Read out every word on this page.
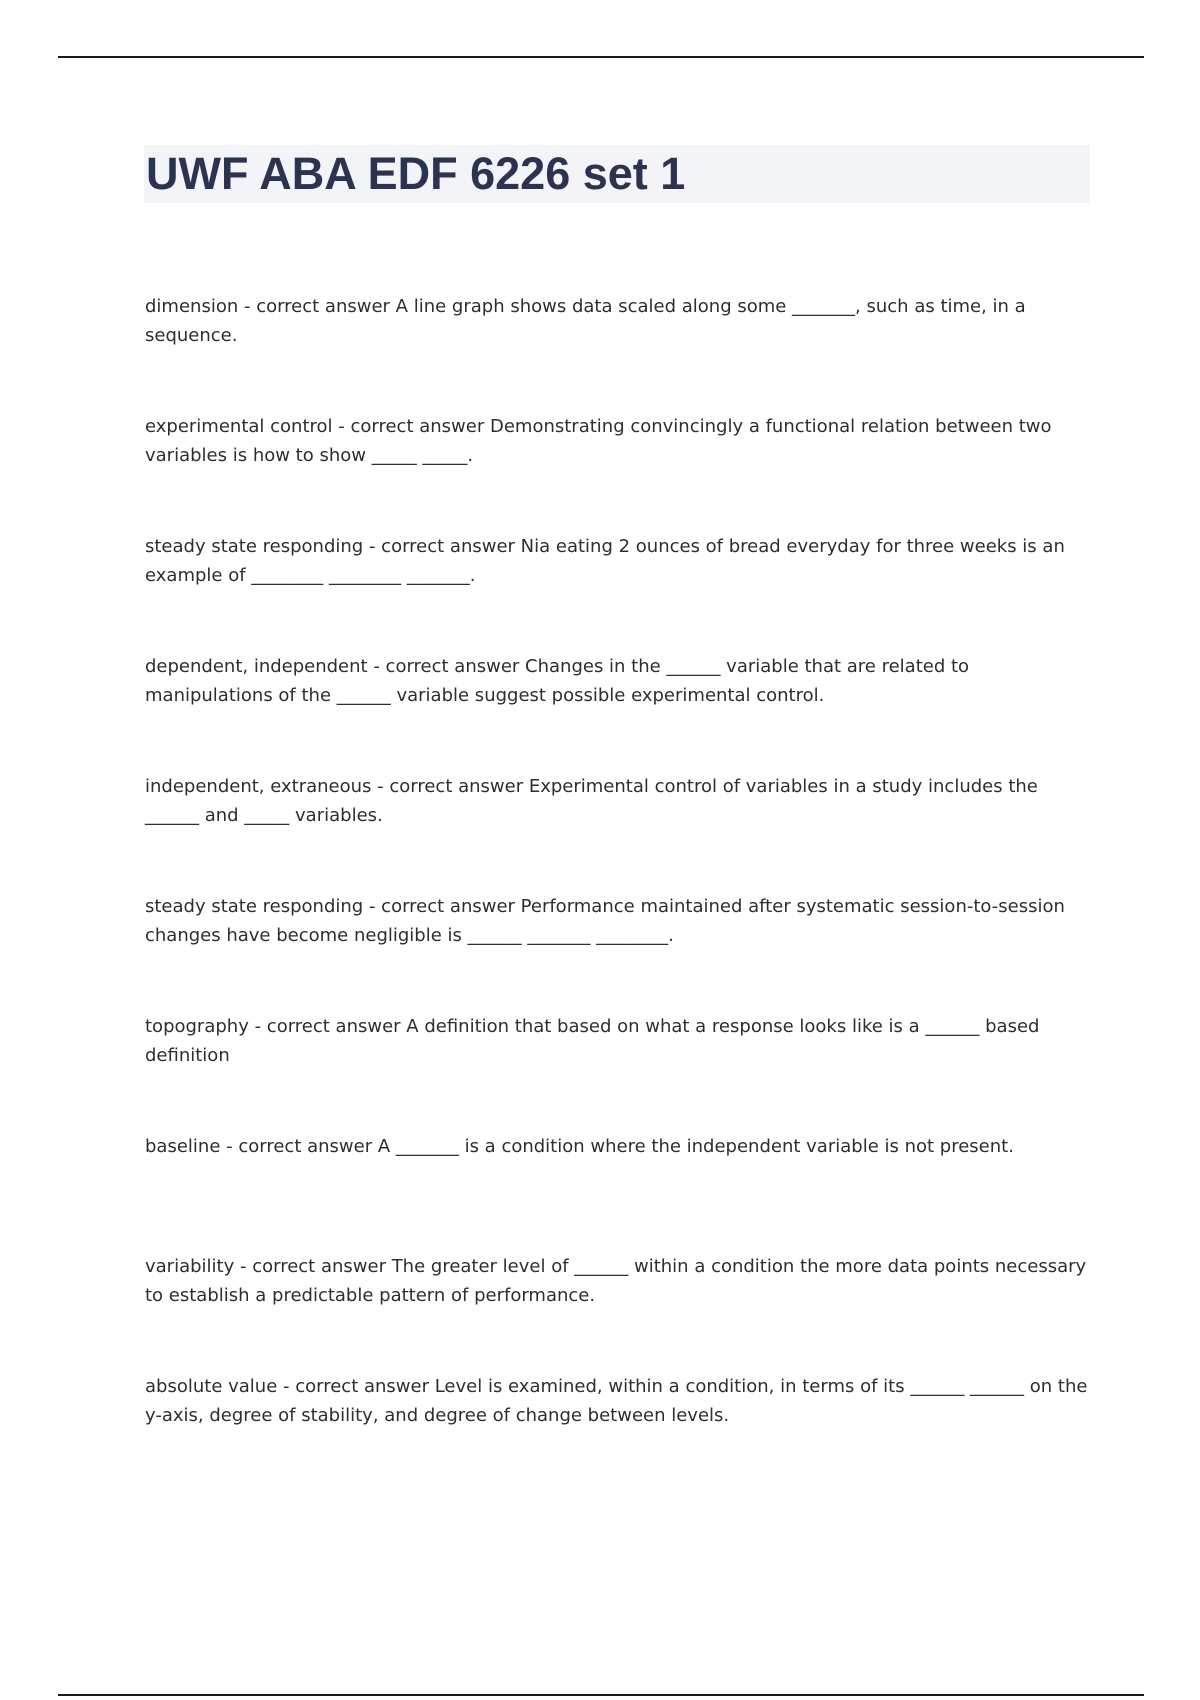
UWF ABA EDF 6226 set 1

dimension - correct answer A line graph shows data scaled along some _______, such as time, in a sequence.

experimental control - correct answer Demonstrating convincingly a functional relation between two variables is how to show _____ _____.

steady state responding - correct answer Nia eating 2 ounces of bread everyday for three weeks is an example of ________ ________ _______.

dependent, independent - correct answer Changes in the ______ variable that are related to manipulations of the ______ variable suggest possible experimental control.

independent, extraneous - correct answer Experimental control of variables in a study includes the ______ and _____ variables.

steady state responding - correct answer Performance maintained after systematic session-to-session changes have become negligible is ______ _______ ________.

topography - correct answer A definition that based on what a response looks like is a ______ based definition

baseline - correct answer A _______ is a condition where the independent variable is not present.

variability - correct answer The greater level of ______ within a condition the more data points necessary to establish a predictable pattern of performance.

absolute value - correct answer Level is examined, within a condition, in terms of its ______ ______ on the y-axis, degree of stability, and degree of change between levels.
